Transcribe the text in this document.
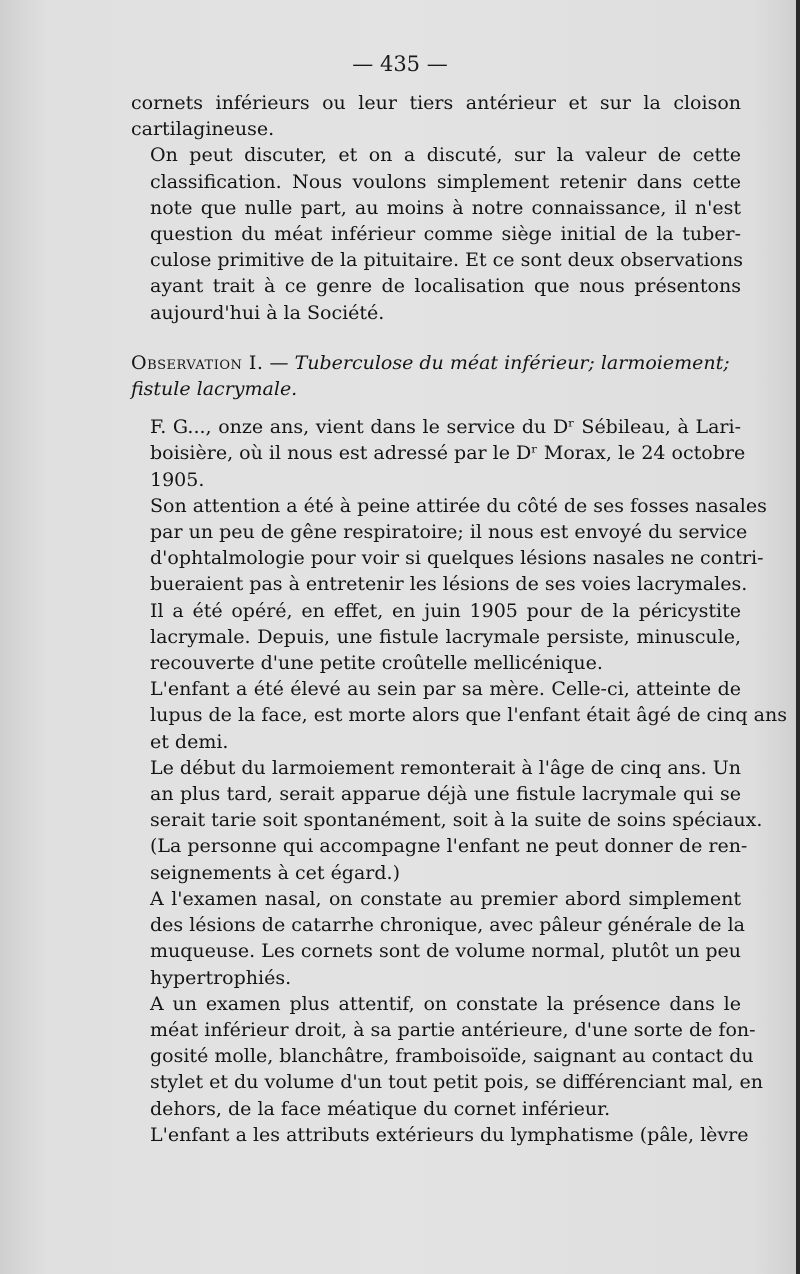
— 435 —

cornets inférieurs ou leur tiers antérieur et sur la cloison
cartilagineuse.

On peut discuter, et on a discuté, sur la valeur de cette
classification. Nous voulons simplement retenir dans cette
note que nulle part, au moins à notre connaissance, il n'est
question du méat inférieur comme siège initial de la tuber-
culose primitive de la pituitaire. Et ce sont deux observations
ayant trait à ce genre de localisation que nous présentons
aujourd'hui à la Société.

Observation I. — Tuberculose du méat inférieur; larmoiement;
fistule lacrymale.

F. G..., onze ans, vient dans le service du Dʳ Sébileau, à Lari-
boisière, où il nous est adressé par le Dʳ Morax, le 24 octobre
1905.

Son attention a été à peine attirée du côté de ses fosses nasales
par un peu de gêne respiratoire; il nous est envoyé du service
d'ophtalmologie pour voir si quelques lésions nasales ne contri-
bueraient pas à entretenir les lésions de ses voies lacrymales.

Il a été opéré, en effet, en juin 1905 pour de la péricystite
lacrymale. Depuis, une fistule lacrymale persiste, minuscule,
recouverte d'une petite croûtelle mellicénique.

L'enfant a été élevé au sein par sa mère. Celle-ci, atteinte de
lupus de la face, est morte alors que l'enfant était âgé de cinq ans
et demi.

Le début du larmoiement remonterait à l'âge de cinq ans. Un
an plus tard, serait apparue déjà une fistule lacrymale qui se
serait tarie soit spontanément, soit à la suite de soins spéciaux.
(La personne qui accompagne l'enfant ne peut donner de ren-
seignements à cet égard.)

A l'examen nasal, on constate au premier abord simplement
des lésions de catarrhe chronique, avec pâleur générale de la
muqueuse. Les cornets sont de volume normal, plutôt un peu
hypertrophiés.

A un examen plus attentif, on constate la présence dans le
méat inférieur droit, à sa partie antérieure, d'une sorte de fon-
gosité molle, blanchâtre, framboisoïde, saignant au contact du
stylet et du volume d'un tout petit pois, se différenciant mal, en
dehors, de la face méatique du cornet inférieur.

L'enfant a les attributs extérieurs du lymphatisme (pâle, lèvre
